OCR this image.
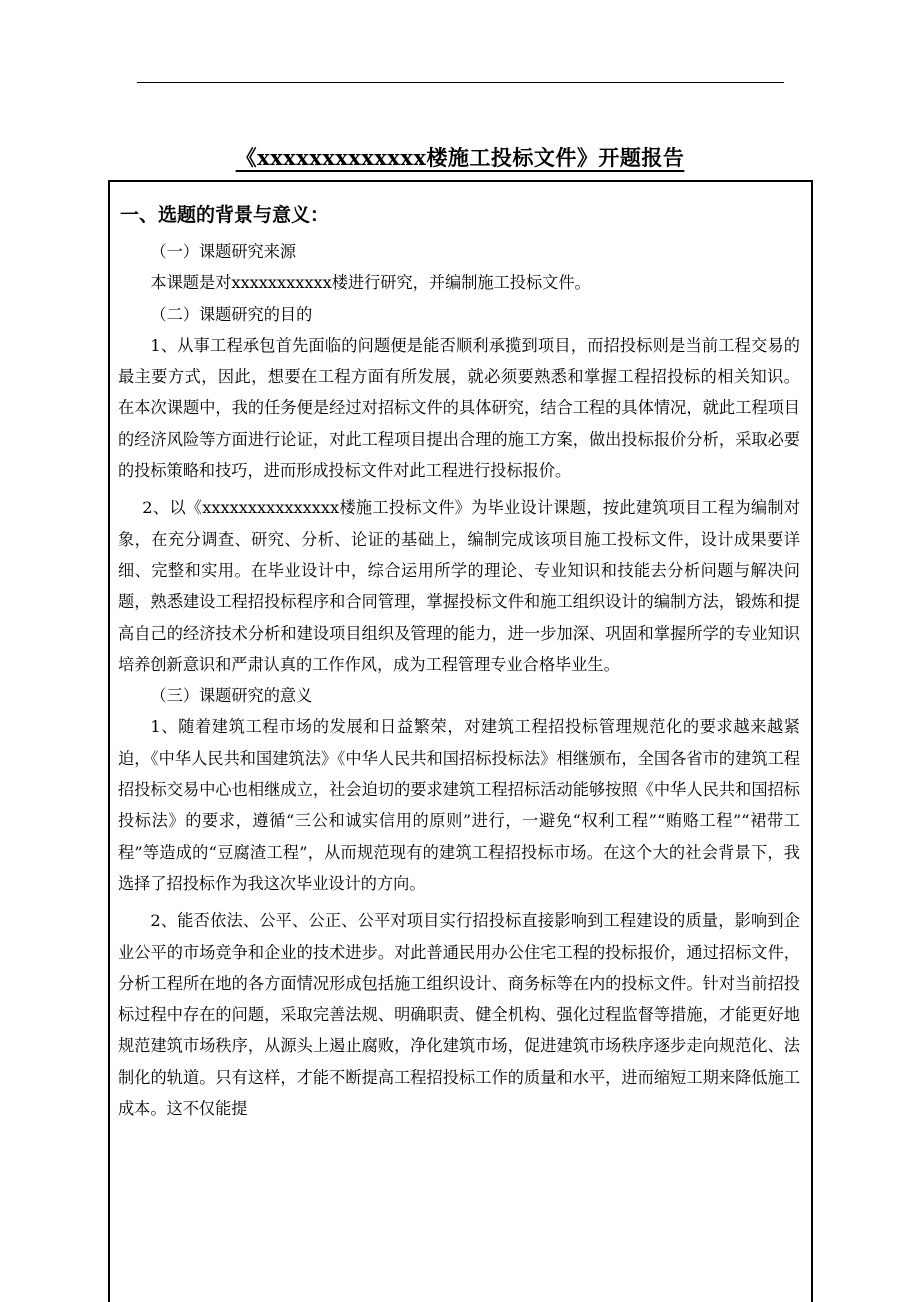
《xxxxxxxxxxxxx楼施工投标文件》开题报告
一、选题的背景与意义：

（一）课题研究来源

本课题是对xxxxxxxxxxx楼进行研究，并编制施工投标文件。

（二）课题研究的目的

1、从事工程承包首先面临的问题便是能否顺利承揽到项目，而招投标则是当前工程交易的最主要方式，因此，想要在工程方面有所发展，就必须要熟悉和掌握工程招投标的相关知识。 在本次课题中，我的任务便是经过对招标文件的具体研究，结合工程的具体情况，就此工程项目的经济风险等方面进行论证，对此工程项目提出合理的施工方案，做出投标报价分析，采取必要的投标策略和技巧，进而形成投标文件对此工程进行投标报价。

2、以《xxxxxxxxxxxxxxx楼施工投标文件》为毕业设计课题，按此建筑项目工程为编制对象，在充分调查、研究、分析、论证的基础上，编制完成该项目施工投标文件，设计成果要详细、完整和实用。在毕业设计中，综合运用所学的理论、专业知识和技能去分析问题与解决问题，熟悉建设工程招投标程序和合同管理，掌握投标文件和施工组织设计的编制方法，锻炼和提高自己的经济技术分析和建设项目组织及管理的能力，进一步加深、巩固和掌握所学的专业知识培养创新意识和严肃认真的工作作风，成为工程管理专业合格毕业生。

（三）课题研究的意义

1、随着建筑工程市场的发展和日益繁荣，对建筑工程招投标管理规范化的要求越来越紧迫，《中华人民共和国建筑法》《中华人民共和国招标投标法》相继颁布，全国各省市的建筑工程招投标交易中心也相继成立，社会迫切的要求建筑工程招标活动能够按照《中华人民共和国招标投标法》的要求，遵循“三公和诚实信用的原则”进行，一避免“权利工程”“贿赂工程”“裙带工程”等造成的“豆腐渣工程”，从而规范现有的建筑工程招投标市场。在这个大的社会背景下，我选择了招投标作为我这次毕业设计的方向。

2、能否依法、公平、公正、公平对项目实行招投标直接影响到工程建设的质量，影响到企业公平的市场竞争和企业的技术进步。对此普通民用办公住宅工程的投标报价，通过招标文件，分析工程所在地的各方面情况形成包括施工组织设计、商务标等在内的投标文件。针对当前招投标过程中存在的问题，采取完善法规、明确职责、健全机构、强化过程监督等措施，才能更好地规范建筑市场秩序，从源头上遏止腐败，净化建筑市场，促进建筑市场秩序逐步走向规范化、法制化的轨道。只有这样，才能不断提高工程招投标工作的质量和水平，进而缩短工期来降低施工成本。这不仅能提
